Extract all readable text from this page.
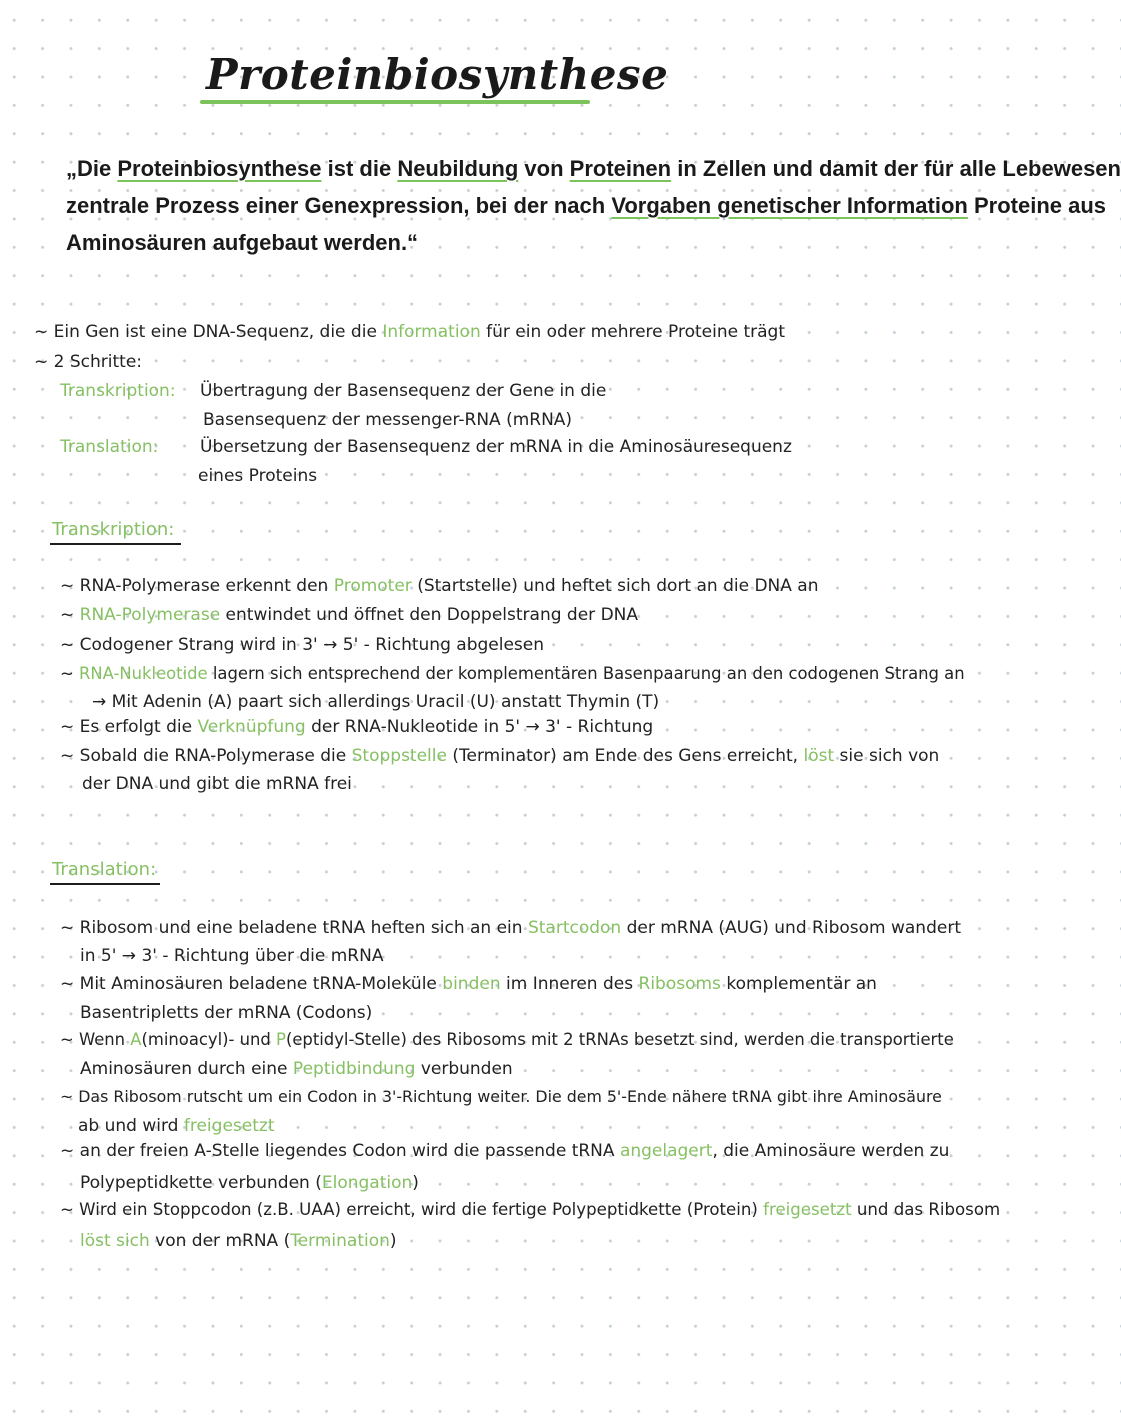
Proteinbiosynthese
„Die Proteinbiosynthese ist die Neubildung von Proteinen in Zellen und damit der für alle Lebewesen
zentrale Prozess einer Genexpression, bei der nach Vorgaben genetischer Information Proteine aus
Aminosäuren aufgebaut werden.“
~ Ein Gen ist eine DNA-Sequenz, die die Information für ein oder mehrere Proteine trägt
~ 2 Schritte:
Transkription: Übertragung der Basensequenz der Gene in die
Basensequenz der messenger-RNA (mRNA)
Translation: Übersetzung der Basensequenz der mRNA in die Aminosäuresequenz
eines Proteins
Transkription:
~ RNA-Polymerase erkennt den Promoter (Startstelle) und heftet sich dort an die DNA an
~ RNA-Polymerase entwindet und öffnet den Doppelstrang der DNA
~ Codogener Strang wird in 3' → 5' - Richtung abgelesen
~ RNA-Nukleotide lagern sich entsprechend der komplementären Basenpaarung an den codogenen Strang an
→ Mit Adenin (A) paart sich allerdings Uracil (U) anstatt Thymin (T)
~ Es erfolgt die Verknüpfung der RNA-Nukleotide in 5' → 3' - Richtung
~ Sobald die RNA-Polymerase die Stoppstelle (Terminator) am Ende des Gens erreicht, löst sie sich von
der DNA und gibt die mRNA frei
Translation:
~ Ribosom und eine beladene tRNA heften sich an ein Startcodon der mRNA (AUG) und Ribosom wandert
in 5' → 3' - Richtung über die mRNA
~ Mit Aminosäuren beladene tRNA-Moleküle binden im Inneren des Ribosoms komplementär an
Basentripletts der mRNA (Codons)
~ Wenn A(minoacyl)- und P(eptidyl-Stelle) des Ribosoms mit 2 tRNAs besetzt sind, werden die transportierte
Aminosäuren durch eine Peptidbindung verbunden
~ Das Ribosom rutscht um ein Codon in 3'-Richtung weiter. Die dem 5'-Ende nähere tRNA gibt ihre Aminosäure
ab und wird freigesetzt
~ an der freien A-Stelle liegendes Codon wird die passende tRNA angelagert, die Aminosäure werden zu
Polypeptidkette verbunden (Elongation)
~ Wird ein Stoppcodon (z.B. UAA) erreicht, wird die fertige Polypeptidkette (Protein) freigesetzt und das Ribosom
löst sich von der mRNA (Termination)
